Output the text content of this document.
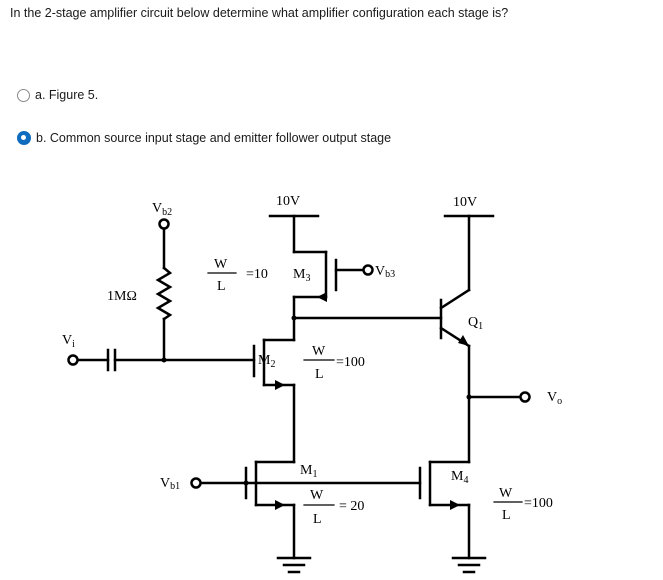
In the 2-stage amplifier circuit below determine what amplifier configuration each stage is?
a. Figure 5.
b. Common source input stage and emitter follower output stage
$V_{b2}$
10V	10V
W
L
=10 $M_3$	Vb3
1MΩ
$Q_1$
$V_i$
$M_2$
W
L
=100
$V_o$
$M_1$
Vb1
W
L
= 20
$M_4$
W
L
=100
